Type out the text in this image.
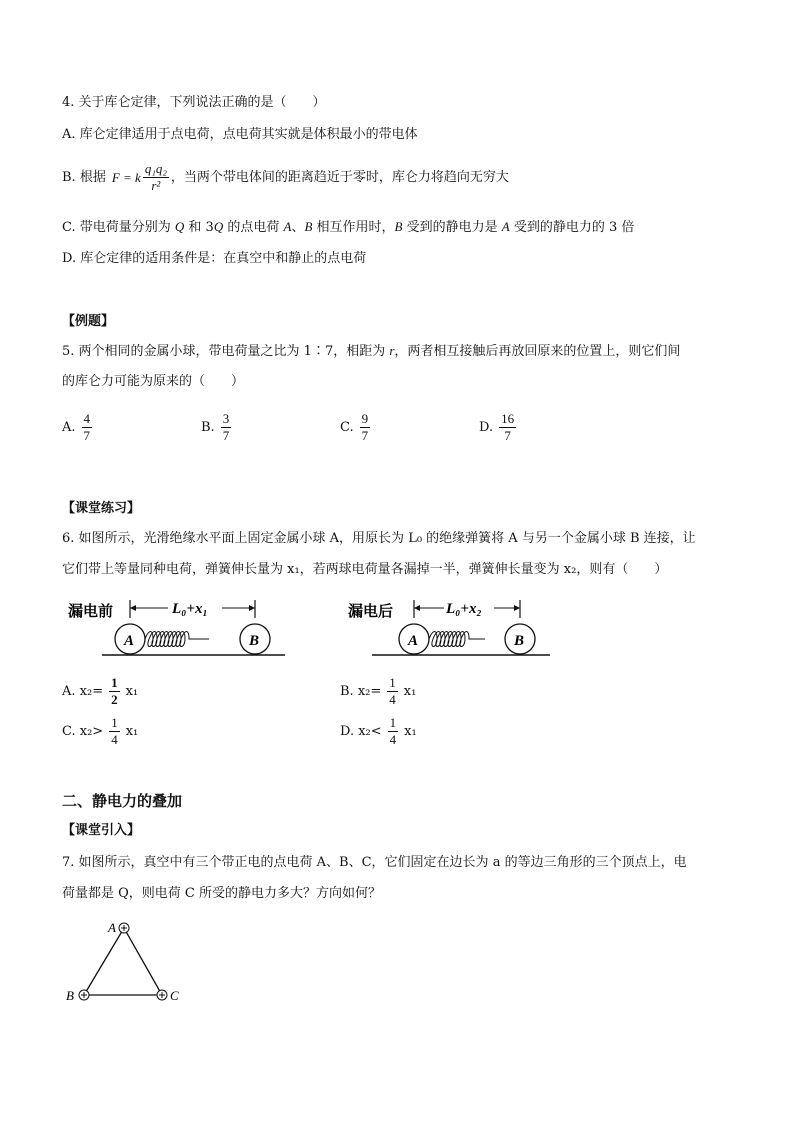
4. 关于库仑定律，下列说法正确的是（　　）
A. 库仑定律适用于点电荷，点电荷其实就是体积最小的带电体
B. 根据 F = k $\frac{\text{q₁q₂}}{\text{r²}}$ ，当两个带电体间的距离趋近于零时，库仑力将趋向无穷大
C. 带电荷量分别为 Q 和 3Q 的点电荷 A、B 相互作用时，B 受到的静电力是 A 受到的静电力的 3 倍
D. 库仑定律的适用条件是：在真空中和静止的点电荷
【例题】
5. 两个相同的金属小球，带电荷量之比为 1∶7，相距为 r，两者相互接触后再放回原来的位置上，则它们间
的库仑力可能为原来的（　　）
A. $\frac{4}{7}$	B. $\frac{3}{7}$	C. $\frac{9}{7}$	D. $\frac{16}{7}$
【课堂练习】
6. 如图所示，光滑绝缘水平面上固定金属小球 A，用原长为 L₀ 的绝缘弹簧将 A 与另一个金属小球 B 连接，让
它们带上等量同种电荷，弹簧伸长量为 x₁，若两球电荷量各漏掉一半，弹簧伸长量变为 x₂，则有（　　）
漏电前	L₀+x₁
A	B
漏电后	L₀+x₂
A	B
A. $x_2= \frac{1}{2} x_1$	B. $x_2= \frac{1}{4} x_1$
C. $x_2> \frac{1}{4} x_1$	D. $x_2< \frac{1}{4} x_1$
二、静电力的叠加
【课堂引入】
7. 如图所示，真空中有三个带正电的点电荷 A、B、C，它们固定在边长为 a 的等边三角形的三个顶点上，电
荷量都是 Q，则电荷 C 所受的静电力多大？方向如何？
A
B	C
